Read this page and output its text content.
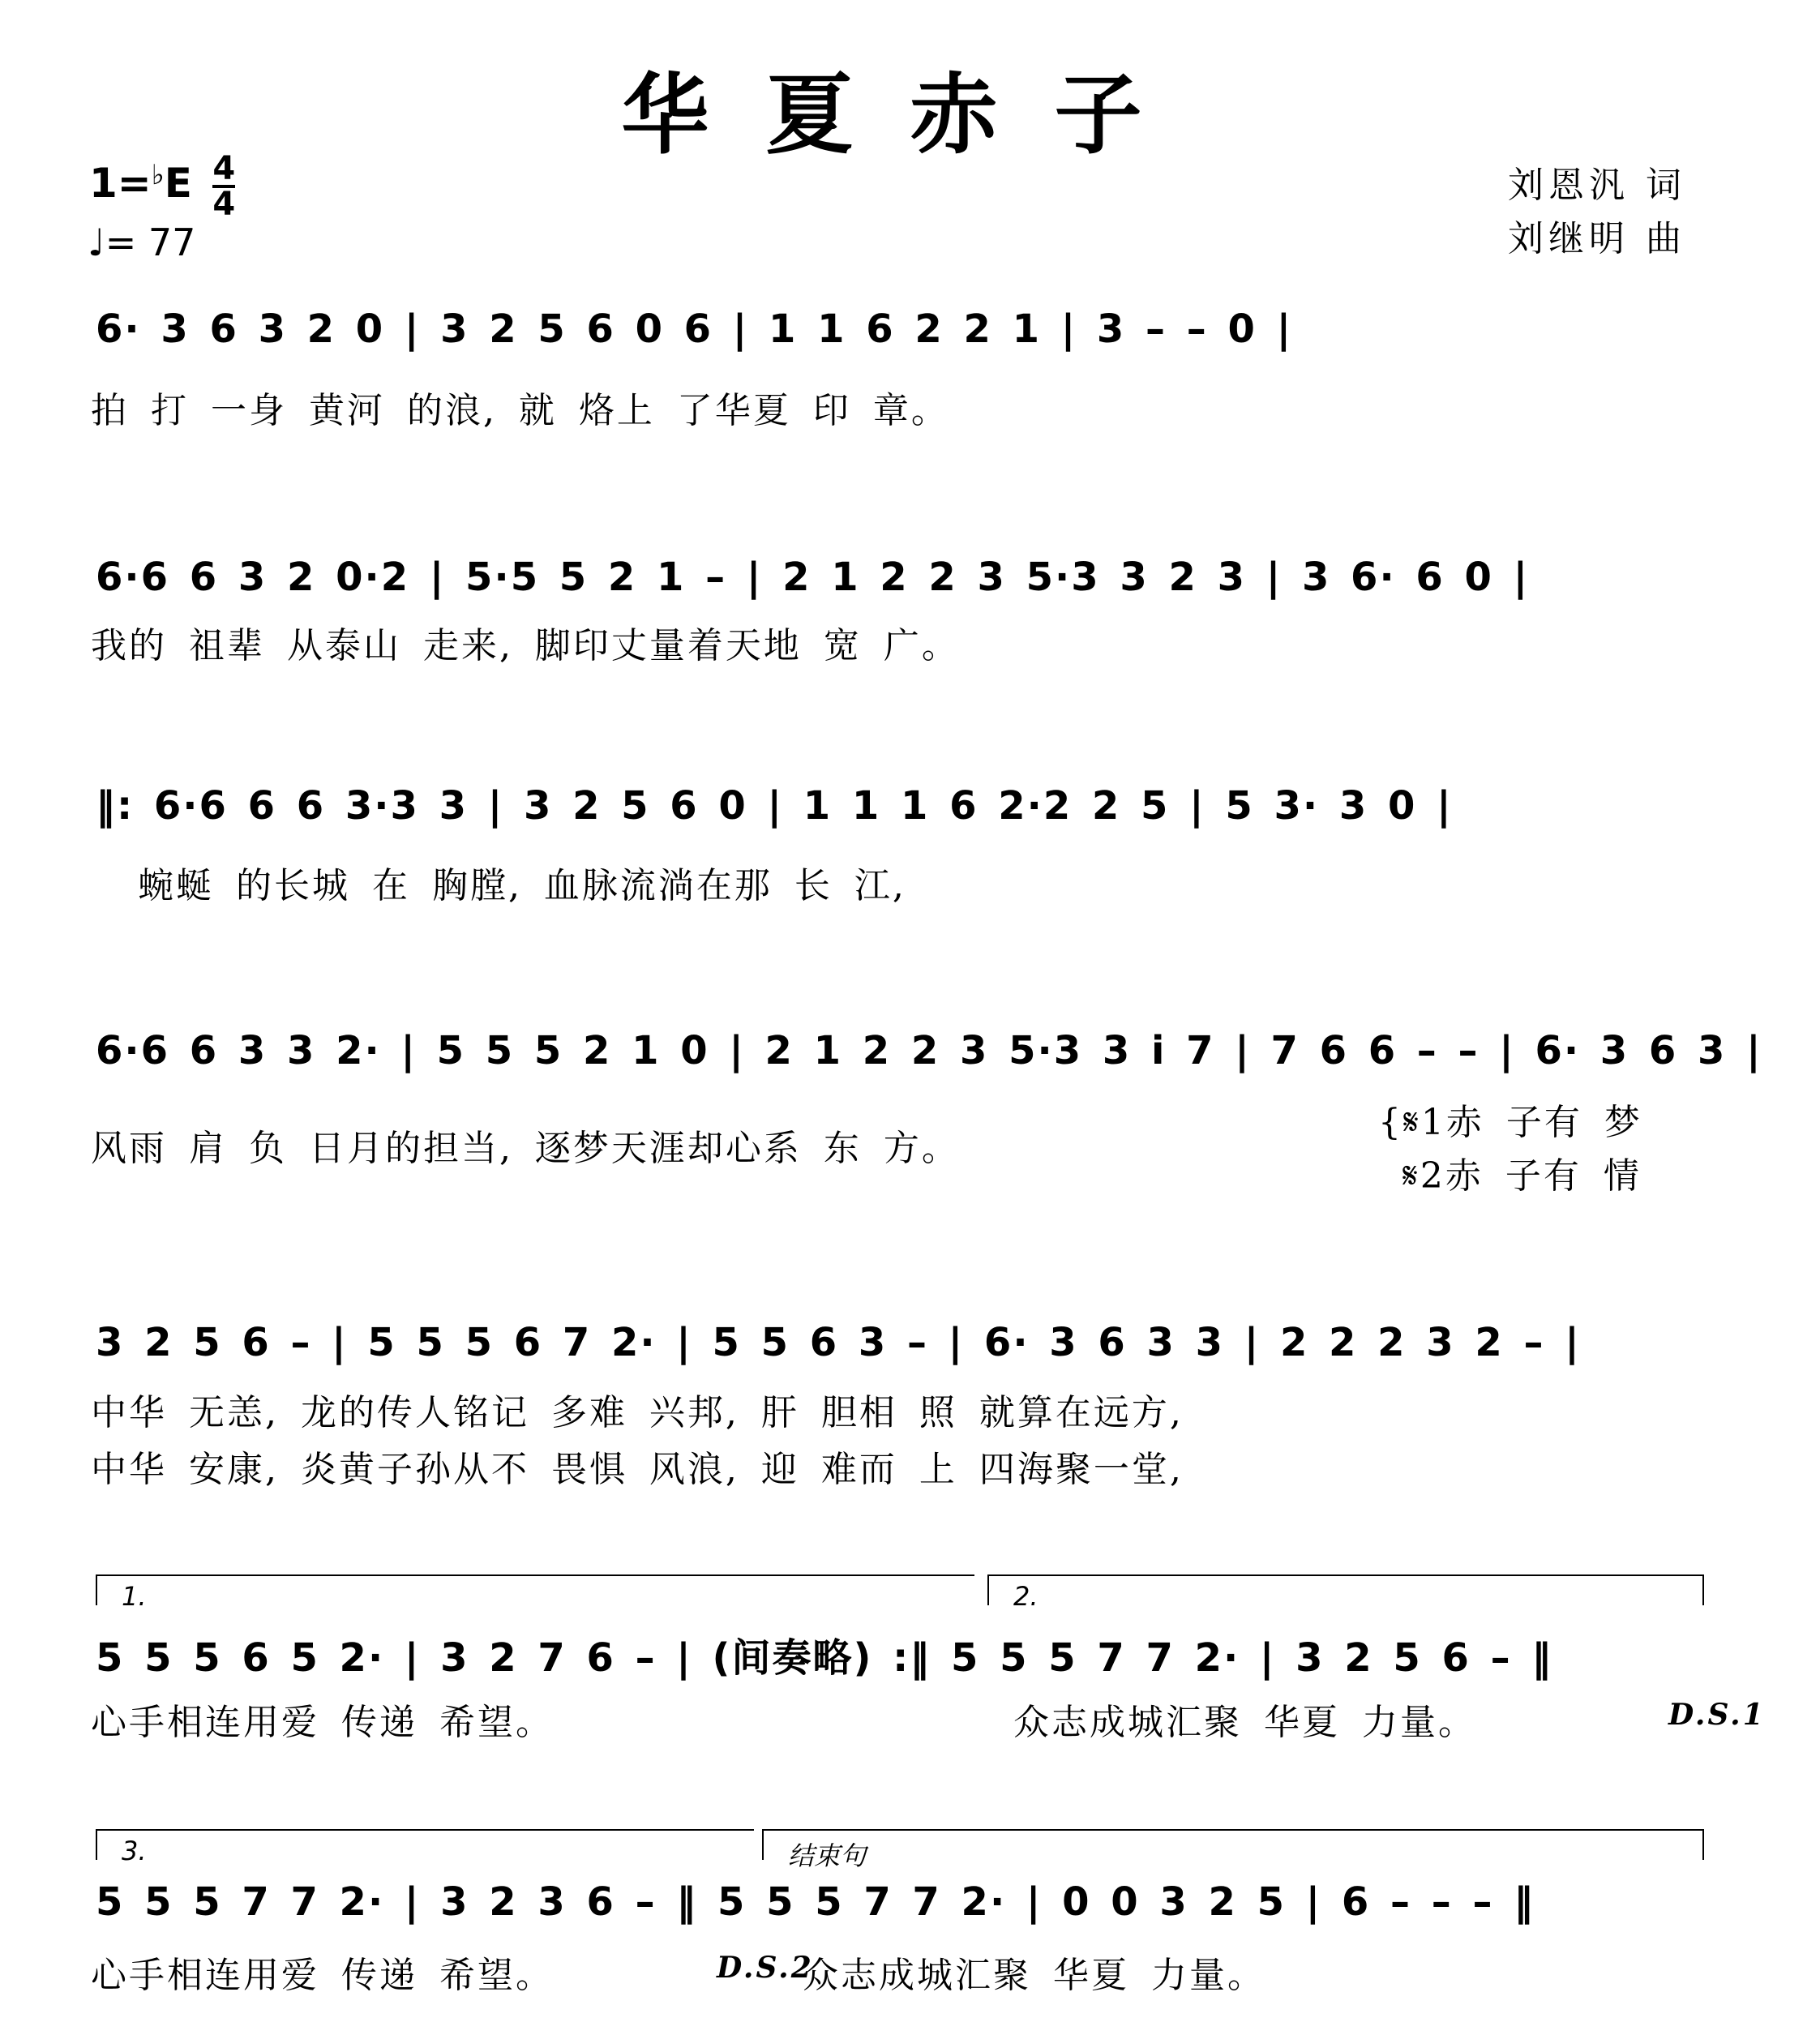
华夏赤子
$1=^♭E \frac{4}{4}$
♩= 77
刘恩汎 词
刘继明 曲
6· 3 6 3 2 0 | 3 2 5 6 0 6 | 1 1 6 2 2 1 | 3 – – 0 |
拍 打 一身 黄河 的浪, 就 烙上 了华夏 印 章。
6·6 6 3 2 0·2 | 5·5 5 2 1 – | 2 1 2 2 3 5·3 3 2 3 | 3 6· 6 0 |
我的 祖辈 从泰山 走来, 脚印丈量着天地 宽 广。
‖: 6·6 6 6 3·3 3 | 3 2 5 6 0 | 1 1 1 6 2·2 2 5 | 5 3· 3 0 |
蜿蜒 的长城 在 胸膛, 血脉流淌在那 长 江,
6·6 6 3 3 2· | 5 5 5 2 1 0 | 2 1 2 2 3 5·3 3 i 7 | 7 6 6 – – | 6· 3 6 3 |
风雨 肩 负 日月的担当, 逐梦天涯却心系 东 方。
{𝄋1赤 子有 梦
𝄋2赤 子有 情
3 2 5 6 – | 5 5 5 6 7 2· | 5 5 6 3 – | 6· 3 6 3 3 | 2 2 2 3 2 – |
中华 无恙, 龙的传人铭记 多难 兴邦, 肝 胆相 照 就算在远方,
中华 安康, 炎黄子孙从不 畏惧 风浪, 迎 难而 上 四海聚一堂,
1.	2.
5 5 5 6 5 2· | 3 2 7 6 – | (间奏略) :‖ 5 5 5 7 7 2· | 3 2 5 6 – ‖
心手相连用爱 传递 希望。	众志成城汇聚 华夏 力量。	D.S.1
3.	结束句
5 5 5 7 7 2· | 3 2 3 6 – ‖ 5 5 5 7 7 2· | 0 0 3 2 5 | 6 – – – ‖
心手相连用爱 传递 希望。	D.S.2
众志成城汇聚 华夏 力量。
